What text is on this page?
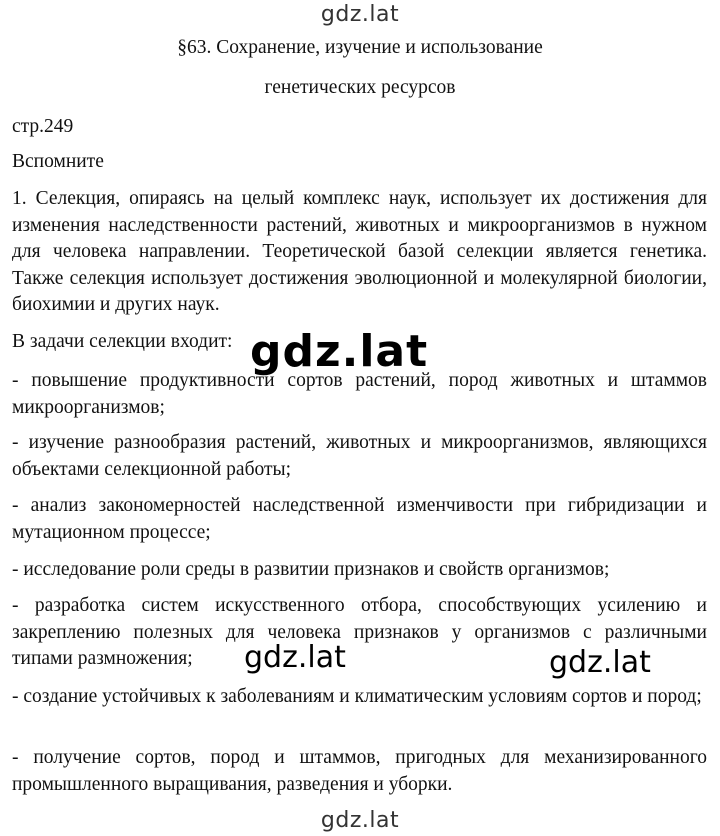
gdz.lat
§63. Сохранение, изучение и использование
генетических ресурсов
стр.249
Вспомните
1. Селекция, опираясь на целый комплекс наук, использует их достижения для изменения наследственности растений, животных и микроорганизмов в нужном для человека направлении. Теоретической базой селекции является генетика. Также селекция использует достижения эволюционной и молекулярной биологии, биохимии и других наук.
В задачи селекции входит:
- повышение продуктивности сортов растений, пород животных и штаммов микроорганизмов;
- изучение разнообразия растений, животных и микроорганизмов, являющихся объектами селекционной работы;
- анализ закономерностей наследственной изменчивости при гибридизации и мутационном процессе;
- исследование роли среды в развитии признаков и свойств организмов;
- разработка систем искусственного отбора, способствующих усилению и закреплению полезных для человека признаков у организмов с различными типами размножения;
- создание устойчивых к заболеваниям и климатическим условиям сортов и пород;
- получение сортов, пород и штаммов, пригодных для механизированного промышленного выращивания, разведения и уборки.
gdz.lat
gdz.lat	gdz.lat
gdz.lat
